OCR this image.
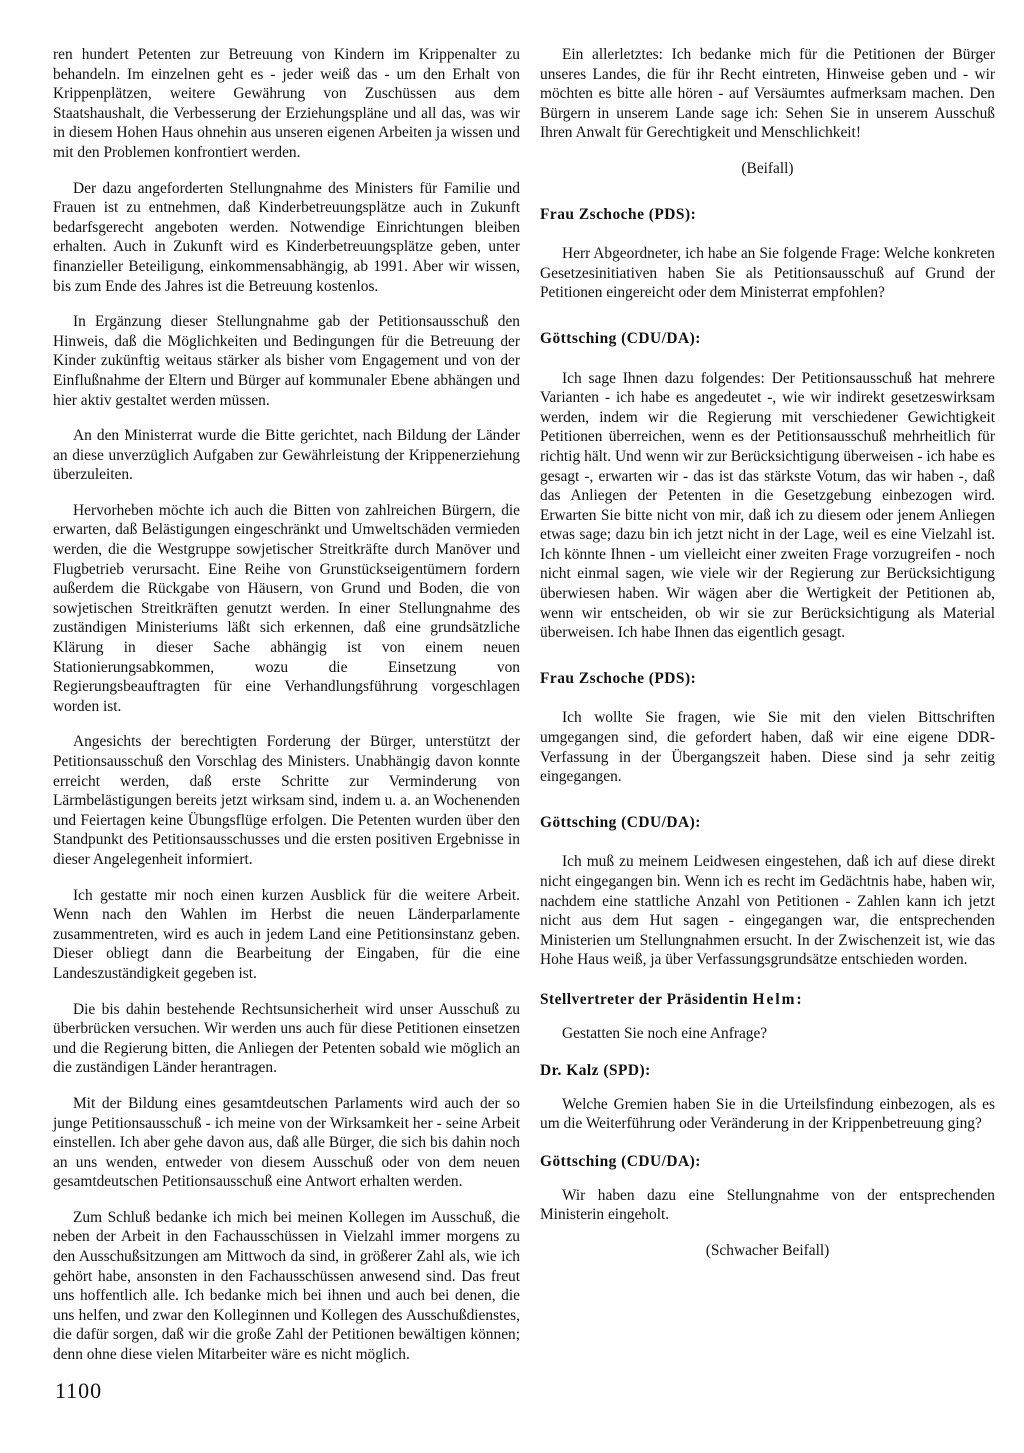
ren hundert Petenten zur Betreuung von Kindern im Krippenalter zu behandeln. Im einzelnen geht es - jeder weiß das - um den Erhalt von Krippenplätzen, weitere Gewährung von Zuschüssen aus dem Staatshaushalt, die Verbesserung der Erziehungspläne und all das, was wir in diesem Hohen Haus ohnehin aus unseren eigenen Arbeiten ja wissen und mit den Problemen konfrontiert werden.

Der dazu angeforderten Stellungnahme des Ministers für Familie und Frauen ist zu entnehmen, daß Kinderbetreuungsplätze auch in Zukunft bedarfsgerecht angeboten werden. Notwendige Einrichtungen bleiben erhalten. Auch in Zukunft wird es Kinderbetreuungsplätze geben, unter finanzieller Beteiligung, einkommensabhängig, ab 1991. Aber wir wissen, bis zum Ende des Jahres ist die Betreuung kostenlos.

In Ergänzung dieser Stellungnahme gab der Petitionsausschuß den Hinweis, daß die Möglichkeiten und Bedingungen für die Betreuung der Kinder zukünftig weitaus stärker als bisher vom Engagement und von der Einflußnahme der Eltern und Bürger auf kommunaler Ebene abhängen und hier aktiv gestaltet werden müssen.

An den Ministerrat wurde die Bitte gerichtet, nach Bildung der Länder an diese unverzüglich Aufgaben zur Gewährleistung der Krippenerziehung überzuleiten.

Hervorheben möchte ich auch die Bitten von zahlreichen Bürgern, die erwarten, daß Belästigungen eingeschränkt und Umweltschäden vermieden werden, die die Westgruppe sowjetischer Streitkräfte durch Manöver und Flugbetrieb verursacht. Eine Reihe von Grunstückseigentümern fordern außerdem die Rückgabe von Häusern, von Grund und Boden, die von sowjetischen Streitkräften genutzt werden. In einer Stellungnahme des zuständigen Ministeriums läßt sich erkennen, daß eine grundsätzliche Klärung in dieser Sache abhängig ist von einem neuen Stationierungsabkommen, wozu die Einsetzung von Regierungsbeauftragten für eine Verhandlungsführung vorgeschlagen worden ist.

Angesichts der berechtigten Forderung der Bürger, unterstützt der Petitionsausschuß den Vorschlag des Ministers. Unabhängig davon konnte erreicht werden, daß erste Schritte zur Verminderung von Lärmbelästigungen bereits jetzt wirksam sind, indem u. a. an Wochenenden und Feiertagen keine Übungsflüge erfolgen. Die Petenten wurden über den Standpunkt des Petitionsausschusses und die ersten positiven Ergebnisse in dieser Angelegenheit informiert.

Ich gestatte mir noch einen kurzen Ausblick für die weitere Arbeit. Wenn nach den Wahlen im Herbst die neuen Länderparlamente zusammentreten, wird es auch in jedem Land eine Petitionsinstanz geben. Dieser obliegt dann die Bearbeitung der Eingaben, für die eine Landeszuständigkeit gegeben ist.

Die bis dahin bestehende Rechtsunsicherheit wird unser Ausschuß zu überbrücken versuchen. Wir werden uns auch für diese Petitionen einsetzen und die Regierung bitten, die Anliegen der Petenten sobald wie möglich an die zuständigen Länder herantragen.

Mit der Bildung eines gesamtdeutschen Parlaments wird auch der so junge Petitionsausschuß - ich meine von der Wirksamkeit her - seine Arbeit einstellen. Ich aber gehe davon aus, daß alle Bürger, die sich bis dahin noch an uns wenden, entweder von diesem Ausschuß oder von dem neuen gesamtdeutschen Petitionsausschuß eine Antwort erhalten werden.

Zum Schluß bedanke ich mich bei meinen Kollegen im Ausschuß, die neben der Arbeit in den Fachausschüssen in Vielzahl immer morgens zu den Ausschußsitzungen am Mittwoch da sind, in größerer Zahl als, wie ich gehört habe, ansonsten in den Fachausschüssen anwesend sind. Das freut uns hoffentlich alle. Ich bedanke mich bei ihnen und auch bei denen, die uns helfen, und zwar den Kolleginnen und Kollegen des Ausschußdienstes, die dafür sorgen, daß wir die große Zahl der Petitionen bewältigen können; denn ohne diese vielen Mitarbeiter wäre es nicht möglich.

Ein allerletztes: Ich bedanke mich für die Petitionen der Bürger unseres Landes, die für ihr Recht eintreten, Hinweise geben und - wir möchten es bitte alle hören - auf Versäumtes aufmerksam machen. Den Bürgern in unserem Lande sage ich: Sehen Sie in unserem Ausschuß Ihren Anwalt für Gerechtigkeit und Menschlichkeit!

(Beifall)
Frau Zschoche (PDS):

Herr Abgeordneter, ich habe an Sie folgende Frage: Welche konkreten Gesetzesinitiativen haben Sie als Petitionsausschuß auf Grund der Petitionen eingereicht oder dem Ministerrat empfohlen?

Göttsching (CDU/DA):

Ich sage Ihnen dazu folgendes: Der Petitionsausschuß hat mehrere Varianten - ich habe es angedeutet -, wie wir indirekt gesetzeswirksam werden, indem wir die Regierung mit verschiedener Gewichtigkeit Petitionen überreichen, wenn es der Petitionsausschuß mehrheitlich für richtig hält. Und wenn wir zur Berücksichtigung überweisen - ich habe es gesagt -, erwarten wir - das ist das stärkste Votum, das wir haben -, daß das Anliegen der Petenten in die Gesetzgebung einbezogen wird. Erwarten Sie bitte nicht von mir, daß ich zu diesem oder jenem Anliegen etwas sage; dazu bin ich jetzt nicht in der Lage, weil es eine Vielzahl ist. Ich könnte Ihnen - um vielleicht einer zweiten Frage vorzugreifen - noch nicht einmal sagen, wie viele wir der Regierung zur Berücksichtigung überwiesen haben. Wir wägen aber die Wertigkeit der Petitionen ab, wenn wir entscheiden, ob wir sie zur Berücksichtigung als Material überweisen. Ich habe Ihnen das eigentlich gesagt.

Frau Zschoche (PDS):

Ich wollte Sie fragen, wie Sie mit den vielen Bittschriften umgegangen sind, die gefordert haben, daß wir eine eigene DDR-Verfassung in der Übergangszeit haben. Diese sind ja sehr zeitig eingegangen.

Göttsching (CDU/DA):

Ich muß zu meinem Leidwesen eingestehen, daß ich auf diese direkt nicht eingegangen bin. Wenn ich es recht im Gedächtnis habe, haben wir, nachdem eine stattliche Anzahl von Petitionen - Zahlen kann ich jetzt nicht aus dem Hut sagen - eingegangen war, die entsprechenden Ministerien um Stellungnahmen ersucht. In der Zwischenzeit ist, wie das Hohe Haus weiß, ja über Verfassungsgrundsätze entschieden worden.

Stellvertreter der Präsidentin Helm:

Gestatten Sie noch eine Anfrage?

Dr. Kalz (SPD):

Welche Gremien haben Sie in die Urteilsfindung einbezogen, als es um die Weiterführung oder Veränderung in der Krippenbetreuung ging?

Göttsching (CDU/DA):

Wir haben dazu eine Stellungnahme von der entsprechenden Ministerin eingeholt.

(Schwacher Beifall)
1100
